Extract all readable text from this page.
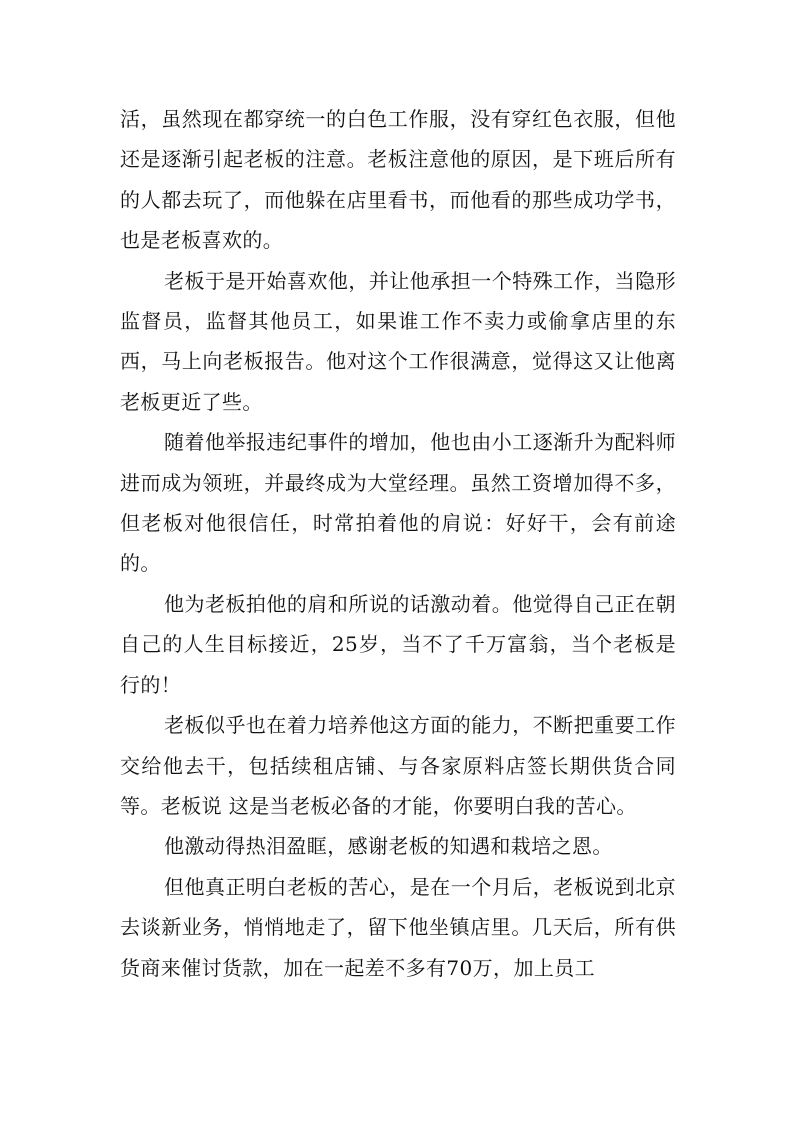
活，虽然现在都穿统一的白色工作服，没有穿红色衣服，但他还是逐渐引起老板的注意。老板注意他的原因，是下班后所有的人都去玩了，而他躲在店里看书，而他看的那些成功学书，也是老板喜欢的。

老板于是开始喜欢他，并让他承担一个特殊工作，当隐形监督员，监督其他员工，如果谁工作不卖力或偷拿店里的东西，马上向老板报告。他对这个工作很满意，觉得这又让他离老板更近了些。

随着他举报违纪事件的增加，他也由小工逐渐升为配料师进而成为领班，并最终成为大堂经理。虽然工资增加得不多，但老板对他很信任，时常拍着他的肩说：好好干，会有前途的。

他为老板拍他的肩和所说的话激动着。他觉得自己正在朝自己的人生目标接近，25岁，当不了千万富翁，当个老板是行的！

老板似乎也在着力培养他这方面的能力，不断把重要工作交给他去干，包括续租店铺、与各家原料店签长期供货合同等。老板说 这是当老板必备的才能，你要明白我的苦心。

他激动得热泪盈眶，感谢老板的知遇和栽培之恩。

但他真正明白老板的苦心，是在一个月后，老板说到北京去谈新业务，悄悄地走了，留下他坐镇店里。几天后，所有供货商来催讨货款，加在一起差不多有70万，加上员工
